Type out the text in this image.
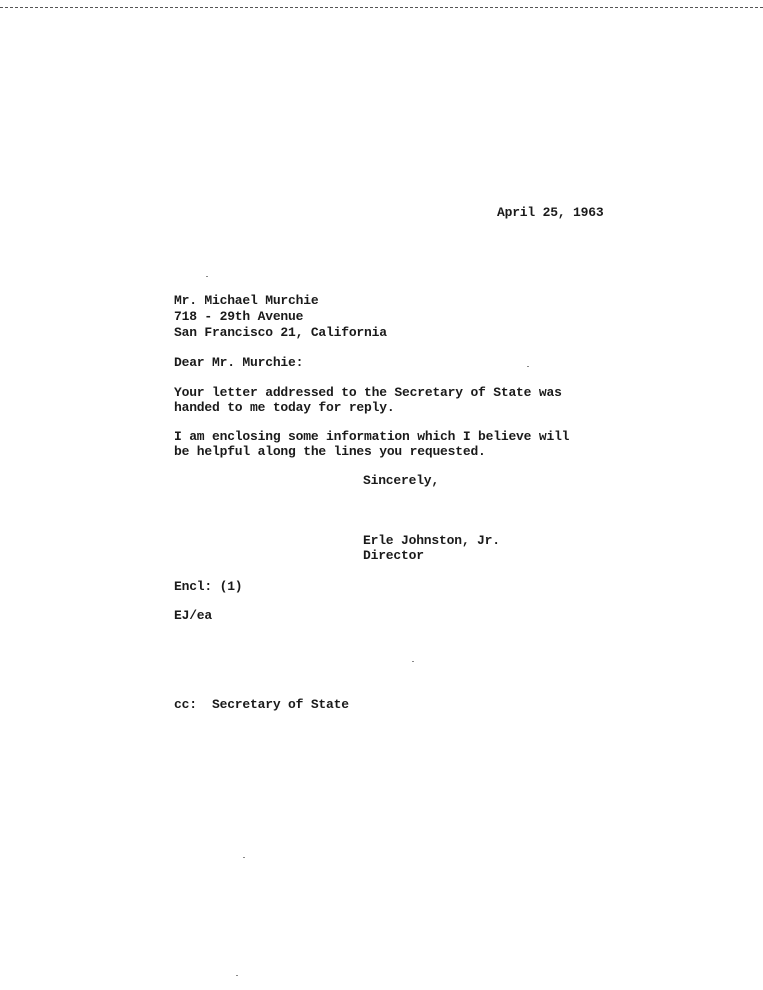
April 25, 1963
Mr. Michael Murchie
718 - 29th Avenue
San Francisco 21, California
Dear Mr. Murchie:
Your letter addressed to the Secretary of State was
handed to me today for reply.
I am enclosing some information which I believe will
be helpful along the lines you requested.
Sincerely,
Erle Johnston, Jr.
Director
Encl: (1)
EJ/ea
cc:  Secretary of State
